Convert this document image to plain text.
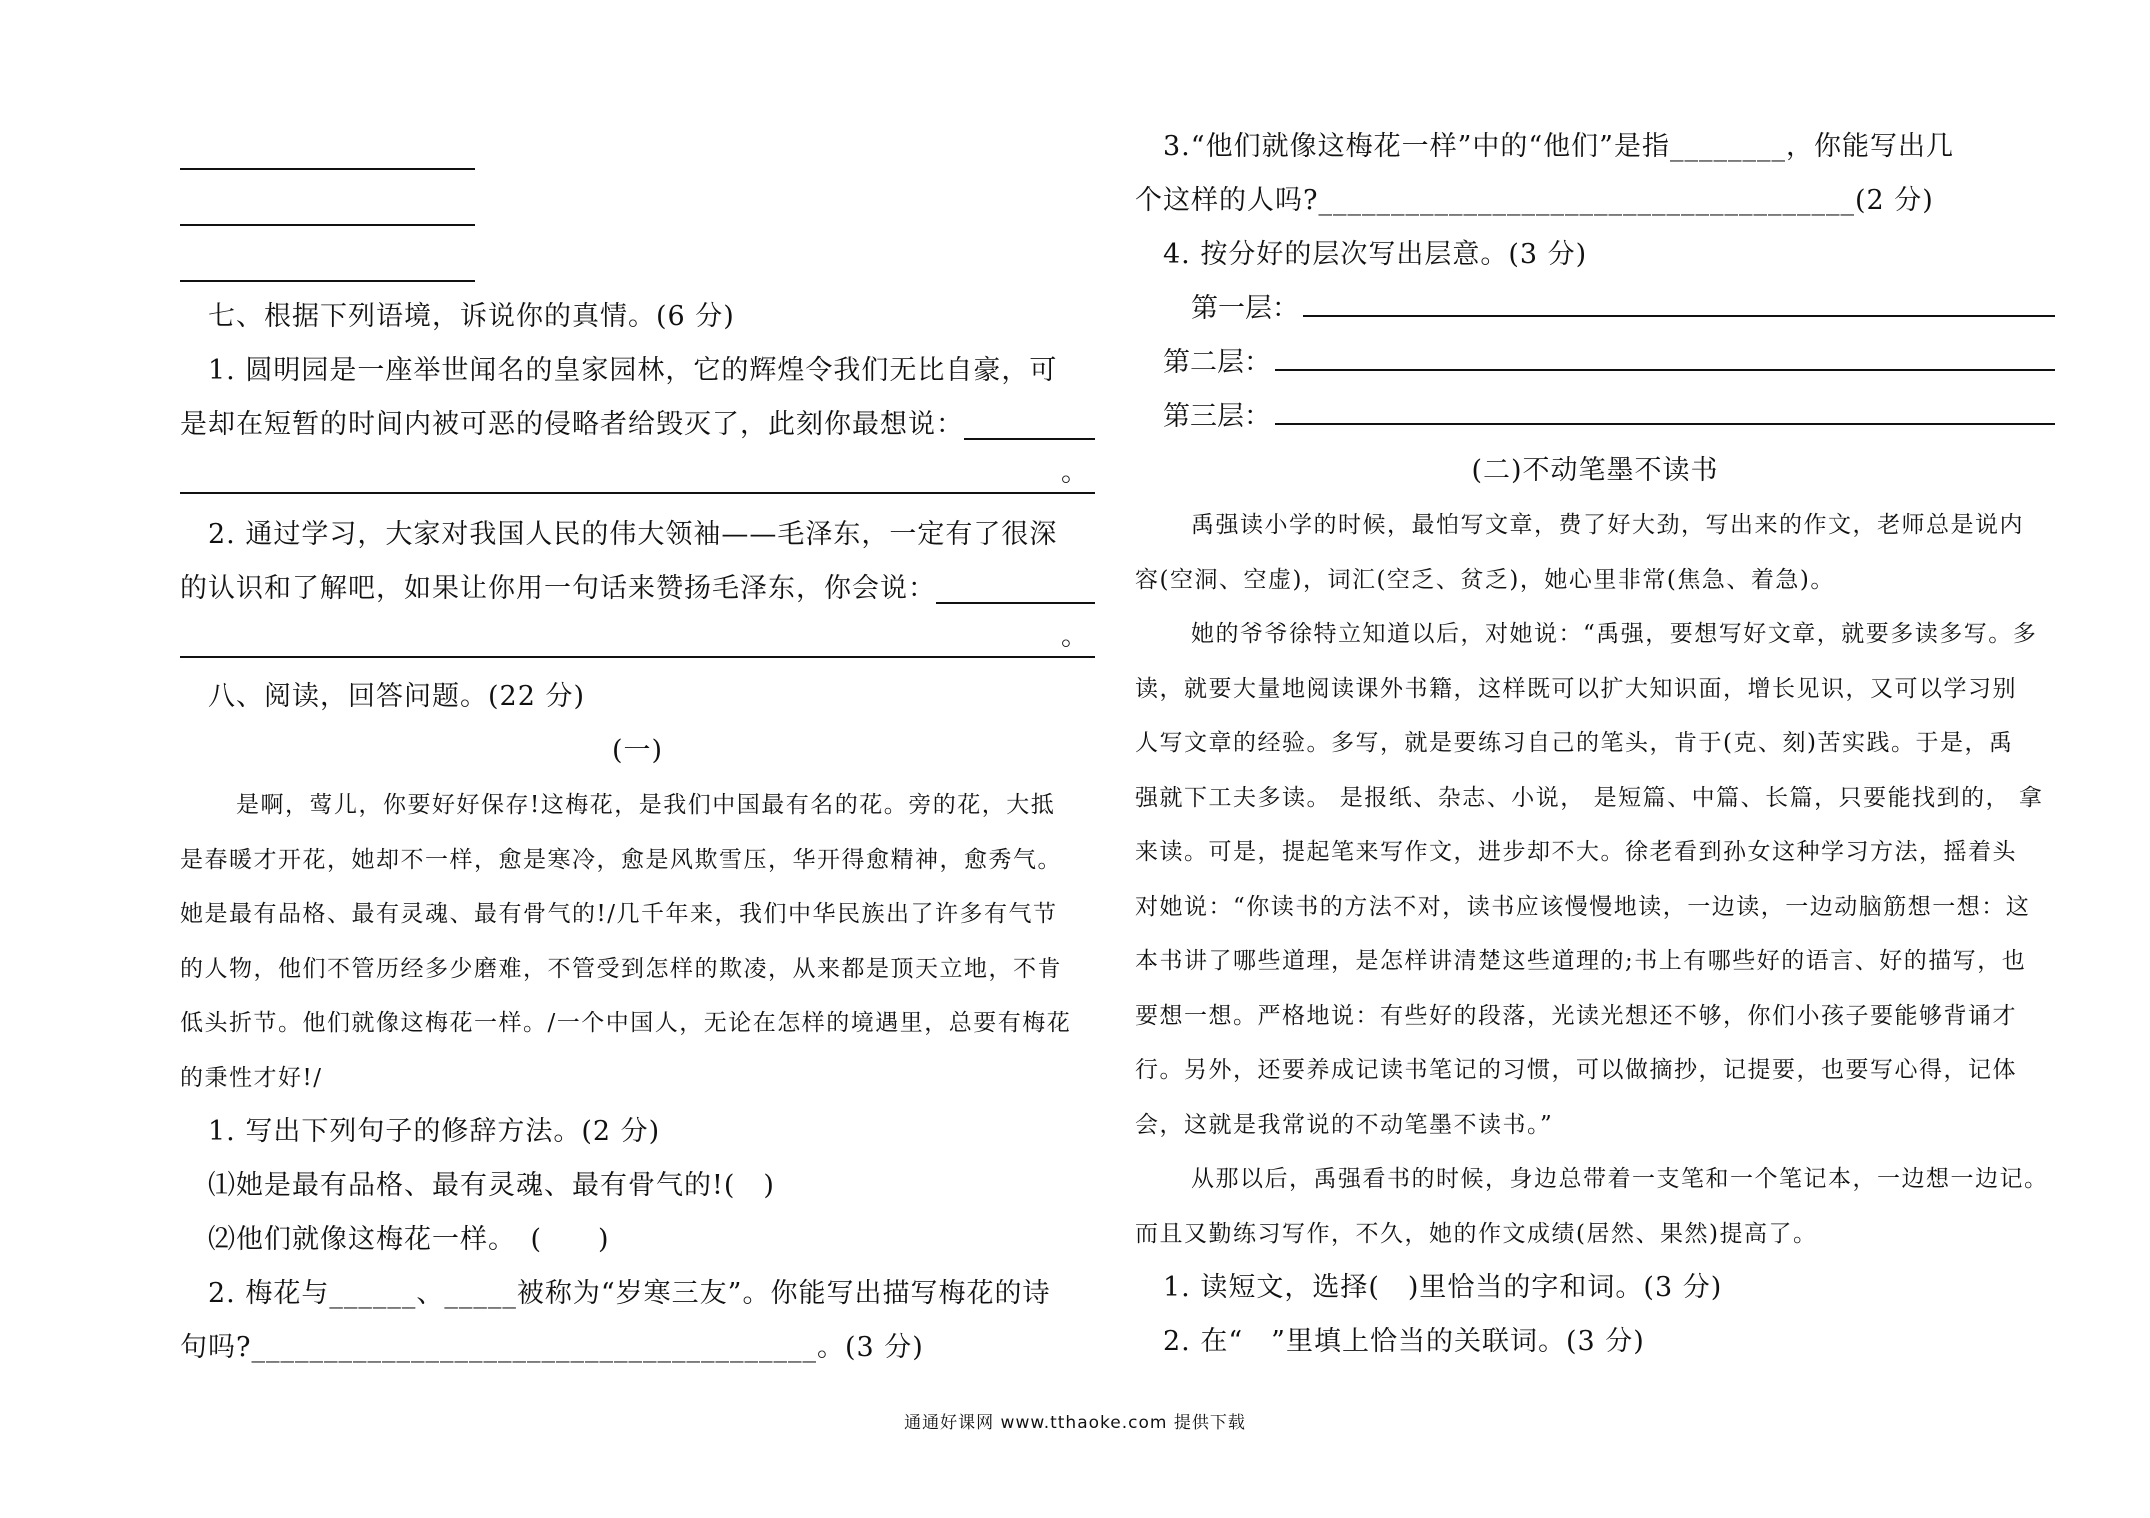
七、根据下列语境，诉说你的真情。(6 分)
1. 圆明园是一座举世闻名的皇家园林，它的辉煌令我们无比自豪，可
是却在短暂的时间内被可恶的侵略者给毁灭了，此刻你最想说：
。
2. 通过学习，大家对我国人民的伟大领袖——毛泽东，一定有了很深
的认识和了解吧，如果让你用一句话来赞扬毛泽东，你会说：
。
八、阅读，回答问题。(22 分)
(一)
是啊，莺儿，你要好好保存!这梅花，是我们中国最有名的花。旁的花，大抵
是春暖才开花，她却不一样，愈是寒冷，愈是风欺雪压，华开得愈精神，愈秀气。
她是最有品格、最有灵魂、最有骨气的!/几千年来，我们中华民族出了许多有气节
的人物，他们不管历经多少磨难，不管受到怎样的欺凌，从来都是顶天立地，不肯
低头折节。他们就像这梅花一样。/一个中国人，无论在怎样的境遇里，总要有梅花
的秉性才好!/
1. 写出下列句子的修辞方法。(2 分)
⑴她是最有品格、最有灵魂、最有骨气的!(　)
⑵他们就像这梅花一样。　(　　)
2. 梅花与______、_____被称为“岁寒三友”。你能写出描写梅花的诗
句吗?_______________________________________。(3 分)
3.“他们就像这梅花一样”中的“他们”是指________，你能写出几
个这样的人吗?_____________________________________(2 分)
4. 按分好的层次写出层意。(3 分)
第一层：
第二层：
第三层：
(二)不动笔墨不读书
禹强读小学的时候，最怕写文章，费了好大劲，写出来的作文，老师总是说内
容(空洞、空虚)，词汇(空乏、贫乏)，她心里非常(焦急、着急)。
她的爷爷徐特立知道以后，对她说：“禹强，要想写好文章，就要多读多写。多
读，就要大量地阅读课外书籍，这样既可以扩大知识面，增长见识，又可以学习别
人写文章的经验。多写，就是要练习自己的笔头，肯于(克、刻)苦实践。于是，禹
强就下工夫多读。 是报纸、杂志、小说， 是短篇、中篇、长篇，只要能找到的， 拿
来读。可是，提起笔来写作文，进步却不大。徐老看到孙女这种学习方法，摇着头
对她说：“你读书的方法不对，读书应该慢慢地读，一边读，一边动脑筋想一想：这
本书讲了哪些道理，是怎样讲清楚这些道理的;书上有哪些好的语言、好的描写，也
要想一想。严格地说：有些好的段落，光读光想还不够，你们小孩子要能够背诵才
行。另外，还要养成记读书笔记的习惯，可以做摘抄，记提要，也要写心得，记体
会，这就是我常说的不动笔墨不读书。”
从那以后，禹强看书的时候，身边总带着一支笔和一个笔记本，一边想一边记。
而且又勤练习写作，不久，她的作文成绩(居然、果然)提高了。
1. 读短文，选择(　)里恰当的字和词。(3 分)
2. 在“　”里填上恰当的关联词。(3 分)
通通好课网 www.tthaoke.com 提供下载
